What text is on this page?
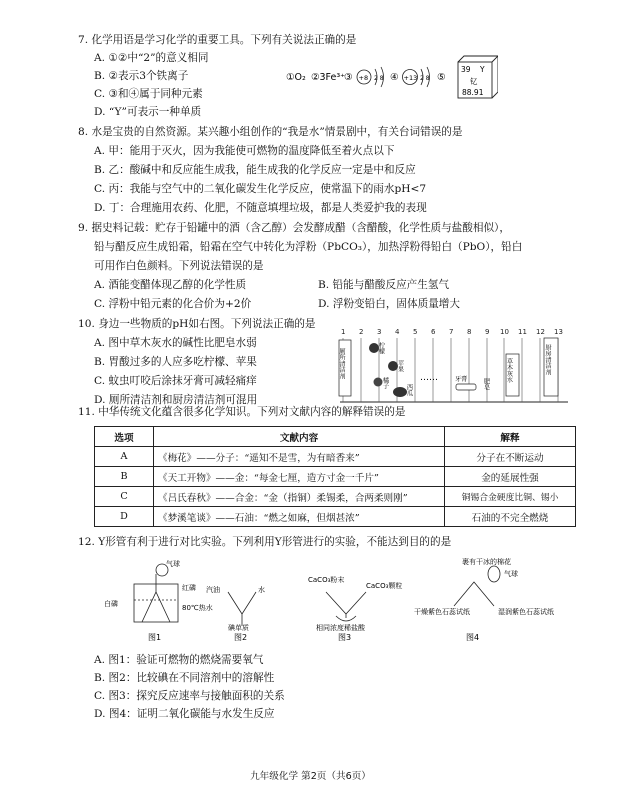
7. 化学用语是学习化学的重要工具。下列有关说法正确的是
A. ①②中“2”的意义相同
B. ②表示3个铁离子
C. ③和④属于同种元素
D. “Y”可表示一种单质
①O₂ ②3Fe³⁺
③ +8 2 8 ④ +13 2 8 ⑤
39 Y
钇
88.91
8. 水是宝贵的自然资源。某兴趣小组创作的“我是水”情景剧中，有关台词错误的是
A. 甲：能用于灭火，因为我能使可燃物的温度降低至着火点以下
B. 乙：酸碱中和反应能生成我，能生成我的化学反应一定是中和反应
C. 丙：我能与空气中的二氧化碳发生化学反应，使常温下的雨水pH<7
D. 丁：合理施用农药、化肥，不随意填埋垃圾，都是人类爱护我的表现
9. 据史料记载：贮存于铅罐中的酒（含乙醇）会发酵成醋（含醋酸，化学性质与盐酸相似），
铅与醋反应生成铅霜，铅霜在空气中转化为浮粉（PbCO₃），加热浮粉得铅白（PbO），铅白
可用作白色颜料。下列说法错误的是
A. 酒能变醋体现乙醇的化学性质	B. 铅能与醋酸反应产生氢气
C. 浮粉中铅元素的化合价为+2价	D. 浮粉变铅白，固体质量增大
10. 身边一些物质的pH如右图。下列说法正确的是
A. 图中草木灰水的碱性比肥皂水弱
B. 胃酸过多的人应多吃柠檬、苹果
C. 蚊虫叮咬后涂抹牙膏可减轻痛痒
D. 厕所清洁剂和厨房清洁剂可混用
1 2 3 4 5 6 7 8 9 10 11 12 13
厕所清洁剂	柠檬
苹果
橘子
西瓜
……	牙膏 肥皂
草木灰水	厨房清洁剂
11. 中华传统文化蕴含很多化学知识。下列对文献内容的解释错误的是
选项	文献内容	解释
A	《梅花》——分子：“遥知不是雪，为有暗香来”	分子在不断运动
B	《天工开物》——金：“每金七厘，造方寸金一千片”	金的延展性强
C	《吕氏春秋》——合金：“金（指铜）柔锡柔，合两柔则刚”	铜锡合金硬度比铜、锡小
D	《梦溪笔谈》——石油：“燃之如麻，但烟甚浓”	石油的不完全燃烧
12. Y形管有利于进行对比实验。下列利用Y形管进行的实验，不能达到目的的是
气球
红磷
白磷	80℃热水
图1
汽油	水
碘单质
图2
CaCO₃粉末
CaCO₃颗粒
相同浓度稀盐酸
图3
裹有干冰的棉花
气球
干燥紫色石蕊试纸	湿润紫色石蕊试纸
图4
A. 图1：验证可燃物的燃烧需要氧气
B. 图2：比较碘在不同溶剂中的溶解性
C. 图3：探究反应速率与接触面积的关系
D. 图4：证明二氧化碳能与水发生反应
九年级化学 第2页（共6页）
